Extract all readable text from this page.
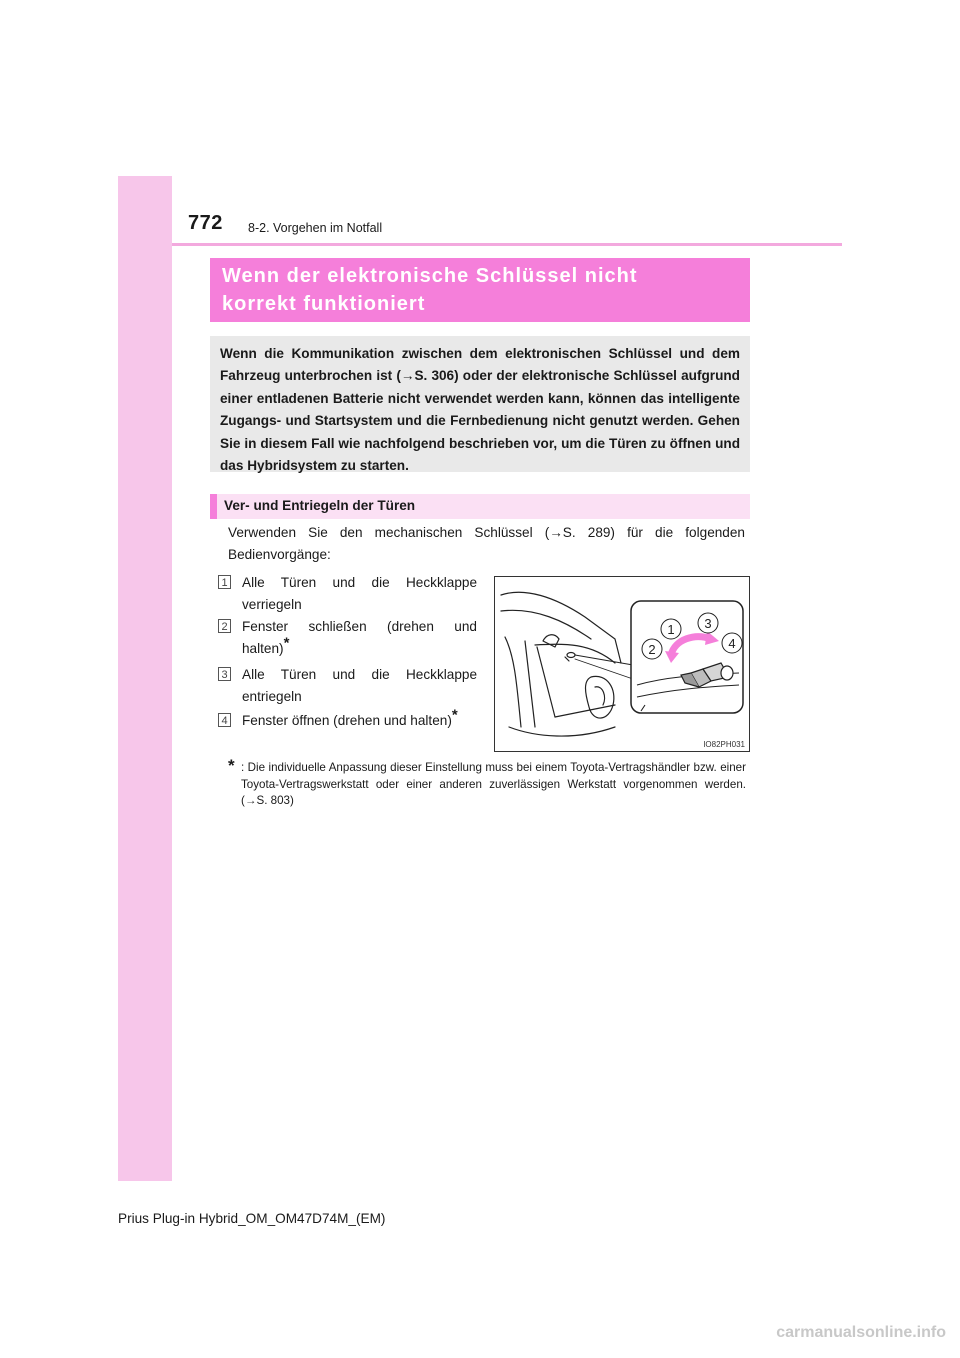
772 8-2. Vorgehen im Notfall

Wenn der elektronische Schlüssel nicht
korrekt funktioniert

Wenn die Kommunikation zwischen dem elektronischen Schlüssel und dem Fahrzeug unterbrochen ist (→S. 306) oder der elektronische Schlüssel aufgrund einer entladenen Batterie nicht verwendet werden kann, können das intelligente Zugangs- und Startsystem und die Fernbedienung nicht genutzt werden. Gehen Sie in diesem Fall wie nachfolgend beschrieben vor, um die Türen zu öffnen und das Hybridsystem zu starten.

Ver- und Entriegeln der Türen

Verwenden Sie den mechanischen Schlüssel (→S. 289) für die folgenden Bedienvorgänge:

1 Alle Türen und die Heckklappe verriegeln
2 Fenster schließen (drehen und halten)*
3 Alle Türen und die Heckklappe entriegeln
4 Fenster öffnen (drehen und halten)*
1
2
3
4
IO82PH031
* : Die individuelle Anpassung dieser Einstellung muss bei einem Toyota-Vertragshändler bzw. einer Toyota-Vertragswerkstatt oder einer anderen zuverlässigen Werkstatt vorgenommen werden. (→S. 803)
Prius Plug-in Hybrid_OM_OM47D74M_(EM)
carmanualsonline.info
